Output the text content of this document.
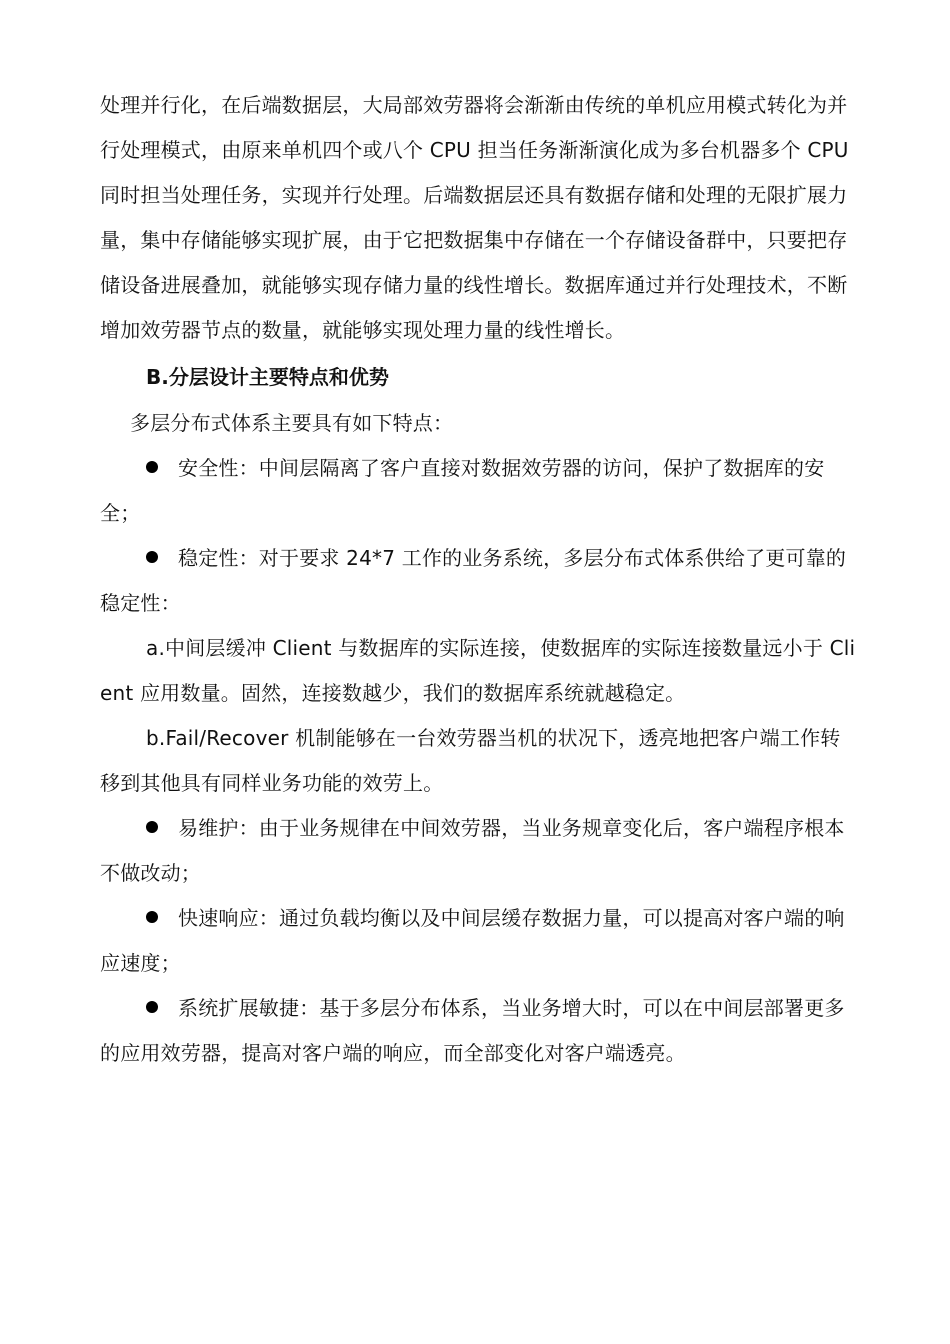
处理并行化，在后端数据层，大局部效劳器将会渐渐由传统的单机应用模式转化为并行处理模式，由原来单机四个或八个 CPU 担当任务渐渐演化成为多台机器多个 CPU 同时担当处理任务，实现并行处理。后端数据层还具有数据存储和处理的无限扩展力量，集中存储能够实现扩展，由于它把数据集中存储在一个存储设备群中，只要把存储设备进展叠加，就能够实现存储力量的线性增长。数据库通过并行处理技术，不断增加效劳器节点的数量，就能够实现处理力量的线性增长。

B.分层设计主要特点和优势

多层分布式体系主要具有如下特点：

安全性：中间层隔离了客户直接对数据效劳器的访问，保护了数据库的安全；

稳定性：对于要求 24*7 工作的业务系统，多层分布式体系供给了更可靠的稳定性：

a.中间层缓冲 Client 与数据库的实际连接，使数据库的实际连接数量远小于 Client 应用数量。固然，连接数越少，我们的数据库系统就越稳定。

b.Fail/Recover 机制能够在一台效劳器当机的状况下，透亮地把客户端工作转移到其他具有同样业务功能的效劳上。

易维护：由于业务规律在中间效劳器，当业务规章变化后，客户端程序根本不做改动；

快速响应：通过负载均衡以及中间层缓存数据力量，可以提高对客户端的响应速度；

系统扩展敏捷：基于多层分布体系，当业务增大时，可以在中间层部署更多的应用效劳器，提高对客户端的响应，而全部变化对客户端透亮。
